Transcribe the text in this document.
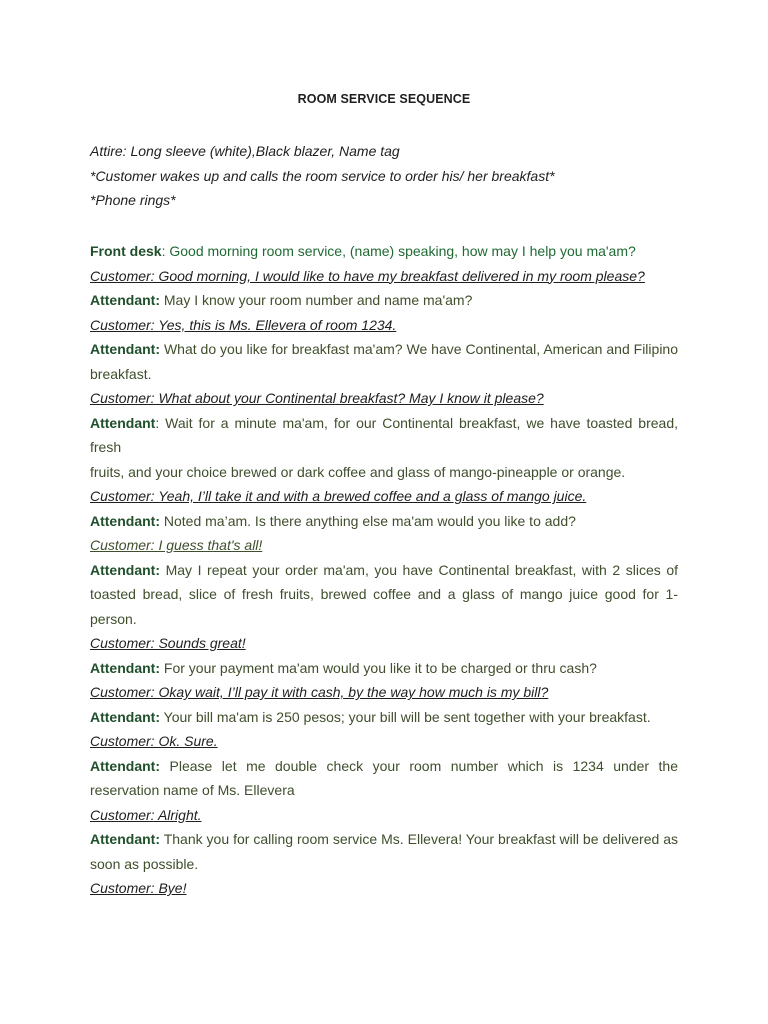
ROOM SERVICE SEQUENCE
Attire: Long sleeve (white),Black blazer, Name tag
*Customer wakes up and calls the room service to order his/ her breakfast*
*Phone rings*
Front desk: Good morning room service, (name) speaking, how may I help you ma'am?
Customer: Good morning, I would like to have my breakfast delivered in my room please?
Attendant: May I know your room number and name ma'am?
Customer: Yes, this is Ms. Ellevera of room 1234.
Attendant: What do you like for breakfast ma'am? We have Continental, American and Filipino breakfast.
Customer: What about your Continental breakfast? May I know it please?
Attendant: Wait for a minute ma'am, for our Continental breakfast, we have toasted bread, fresh
fruits, and your choice brewed or dark coffee and glass of mango-pineapple or orange.
Customer: Yeah, I’ll take it and with a brewed coffee and a glass of mango juice.
Attendant: Noted ma’am. Is there anything else ma'am would you like to add?
Customer: I guess that's all!
Attendant: May I repeat your order ma'am, you have Continental breakfast, with 2 slices of toasted bread, slice of fresh fruits, brewed coffee and a glass of mango juice good for 1-person.
Customer: Sounds great!
Attendant: For your payment ma'am would you like it to be charged or thru cash?
Customer: Okay wait, I’ll pay it with cash, by the way how much is my bill?
Attendant: Your bill ma'am is 250 pesos; your bill will be sent together with your breakfast.
Customer: Ok. Sure.
Attendant: Please let me double check your room number which is 1234 under the reservation name of Ms. Ellevera
Customer: Alright.
Attendant: Thank you for calling room service Ms. Ellevera! Your breakfast will be delivered as soon as possible.
Customer: Bye!
